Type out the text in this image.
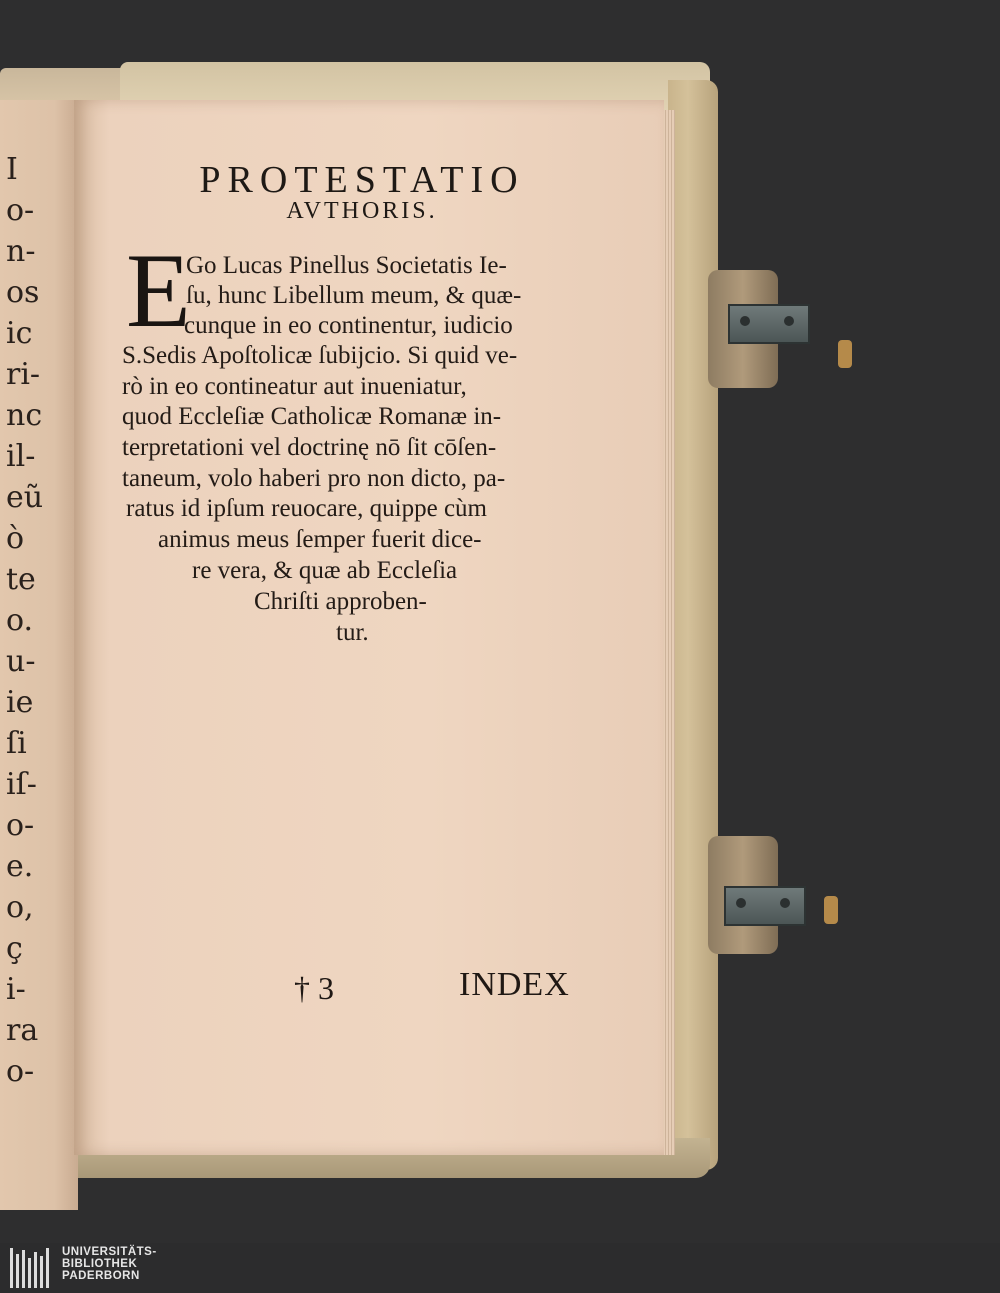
I
o-
n-
os
ic
ri-
nc
il-
eũ
ò
te
o.
u-
ie
ſi
iſ-
o-
e.
o,
ç
i-
ra
o-
PROTESTATIO
AVTHORIS.
E
Go Lucas Pinellus Societatis Ie-
ſu, hunc Libellum meum, & quæ-
cunque in eo continentur, iudicio
S.Sedis Apoſtolicæ ſubijcio. Si quid ve-
rò in eo contineatur aut inueniatur,
quod Eccleſiæ Catholicæ Romanæ in-
terpretationi vel doctrinę nō ſit cōſen-
taneum, volo haberi pro non dicto, pa-
ratus id ipſum reuocare, quippe cùm
animus meus ſemper fuerit dice-
re vera, & quæ ab Eccleſia
Chriſti approben-
tur.
† 3	INDEX
UNIVERSITÄTS-
BIBLIOTHEK
PADERBORN
